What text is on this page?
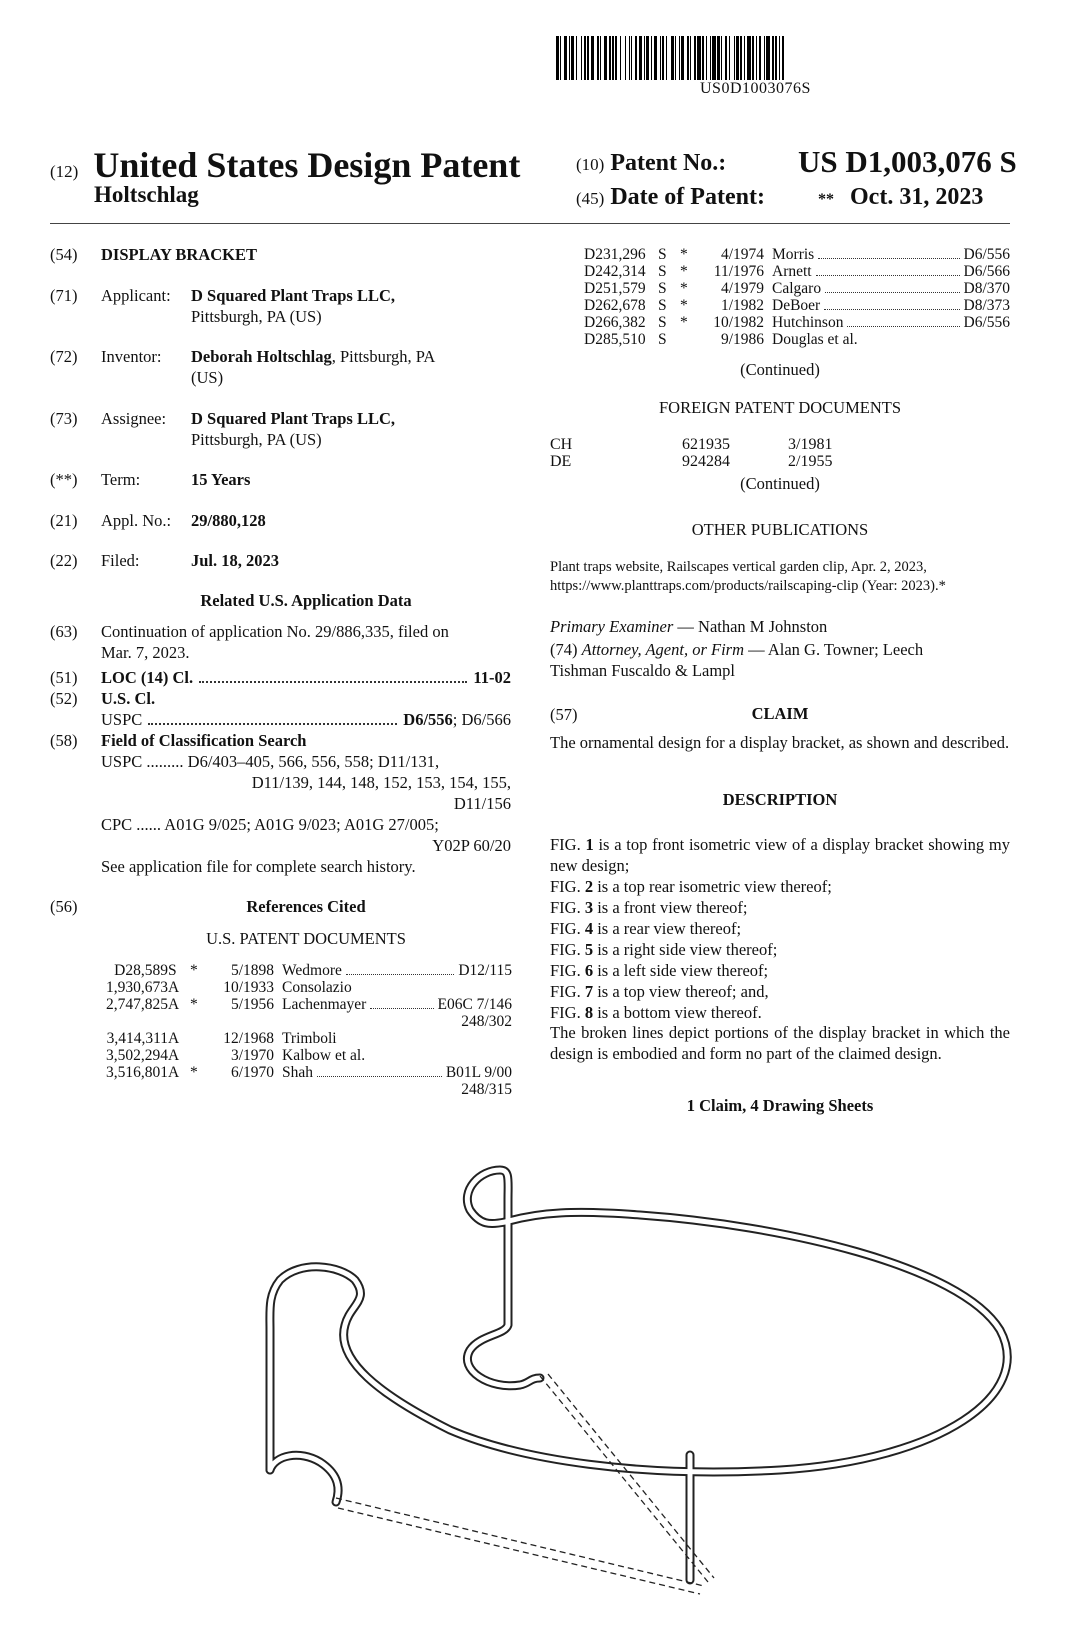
US0D1003076S
(12) United States Design Patent
Holtschlag
(10) Patent No.: US D1,003,076 S
(45) Date of Patent:	** Oct. 31, 2023
(54) DISPLAY BRACKET
(71) Applicant: D Squared Plant Traps LLC,
Pittsburgh, PA (US)
(72) Inventor: Deborah Holtschlag, Pittsburgh, PA
(US)
(73) Assignee: D Squared Plant Traps LLC,
Pittsburgh, PA (US)
(**) Term:	15 Years
(21) Appl. No.: 29/880,128
(22) Filed:	Jul. 18, 2023
Related U.S. Application Data
(63) Continuation of application No. 29/886,335, filed on
Mar. 7, 2023.
(51) LOC (14) Cl.	11-02
(52) U.S. Cl.
USPC	D6/556 ; D6/566
(58) Field of Classification Search
USPC ......... D6/403–405, 566, 556, 558; D11/131,
D11/139, 144, 148, 152, 153, 154, 155,
D11/156
CPC ...... A01G 9/025; A01G 9/023; A01G 27/005;
Y02P 60/20
See application file for complete search history.
(56)	References Cited
U.S. PATENT DOCUMENTS
D28,589	S	*	5/1898	Wedmore D12/115

1,930,673	A		10/1933	Consolazio

2,747,825	A	*	5/1956	Lachenmayer E06C 7/146

248/302				
3,414,311	A		12/1968	Trimboli

3,502,294	A		3/1970	Kalbow et al.

3,516,801	A	*	6/1970	Shah B01L 9/00

248/315				
D231,296	S	*	4/1974	Morris D6/556

D242,314	S	*	11/1976	Arnett D6/566

D251,579	S	*	4/1979	Calgaro D8/370

D262,678	S	*	1/1982	DeBoer D8/373

D266,382	S	*	10/1982	Hutchinson D6/556

D285,510	S		9/1986	Douglas et al.
(Continued)
FOREIGN PATENT DOCUMENTS
CH	621935	3/1981
DE	924284	2/1955
(Continued)
OTHER PUBLICATIONS
Plant traps website, Railscapes vertical garden clip, Apr. 2, 2023,
https://www.planttraps.com/products/railscaping-clip (Year: 2023).*
Primary Examiner — Nathan M Johnston
(74) Attorney, Agent, or Firm — Alan G. Towner; Leech
Tishman Fuscaldo & Lampl
(57)	CLAIM
The ornamental design for a display bracket, as shown and described.
DESCRIPTION
FIG. 1 is a top front isometric view of a display bracket showing my new design;
FIG. 2 is a top rear isometric view thereof;
FIG. 3 is a front view thereof;
FIG. 4 is a rear view thereof;
FIG. 5 is a right side view thereof;
FIG. 6 is a left side view thereof;
FIG. 7 is a top view thereof; and,
FIG. 8 is a bottom view thereof.
The broken lines depict portions of the display bracket in which the design is embodied and form no part of the claimed design.
1 Claim, 4 Drawing Sheets
